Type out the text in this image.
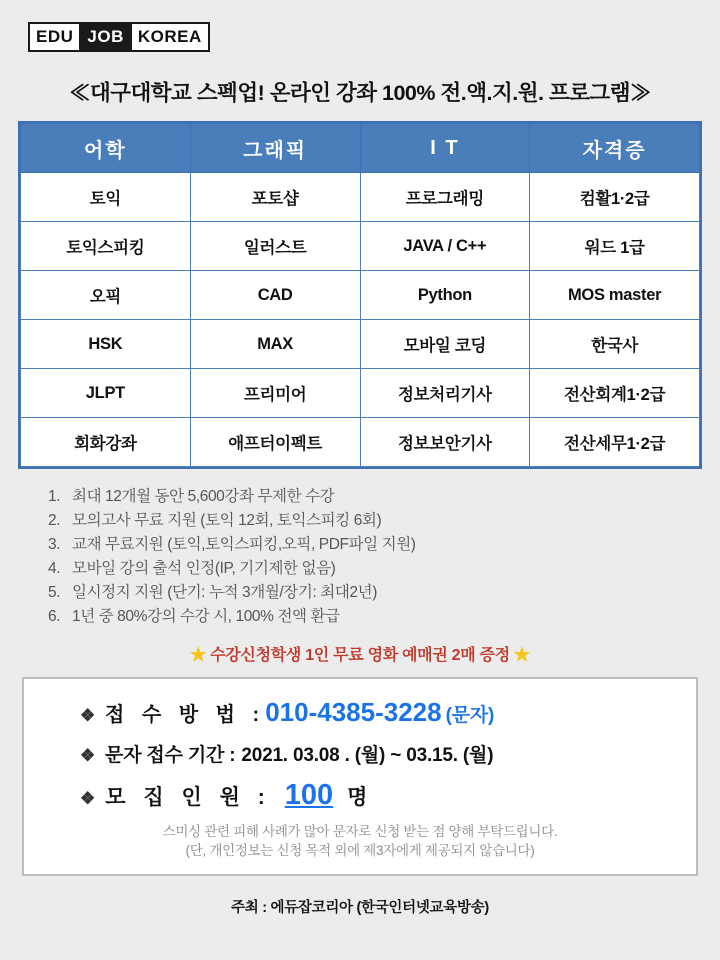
EDU JOB KOREA
≪대구대학교 스펙업! 온라인 강좌 100% 전.액.지.원. 프로그램≫
어학	그래픽	I T	자격증
토익	포토샵	프로그래밍	컴활1·2급
토익스피킹	일러스트	JAVA / C++	워드 1급
오픽	CAD	Python	MOS master
HSK	MAX	모바일 코딩	한국사
JLPT	프리미어	정보처리기사	전산회계1·2급
회화강좌	애프터이펙트	정보보안기사	전산세무1·2급
1. 최대 12개월 동안 5,600강좌 무제한 수강
2. 모의고사 무료 지원 (토익 12회, 토익스피킹 6회)
3. 교재 무료지원 (토익,토익스피킹,오픽, PDF파일 지원)
4. 모바일 강의 출석 인정(IP, 기기제한 없음)
5. 일시정지 지원 (단기: 누적 3개월/장기: 최대2년)
6. 1년 중 80%강의 수강 시, 100% 전액 환급
★ 수강신청학생 1인 무료 영화 예매권 2매 증정 ★
❖ 접 수 방 법 : 010-4385-3228 (문자)
❖ 문자 접수 기간 : 2021. 03.08 . (월) ~ 03.15. (월)
❖ 모 집 인 원 : 100 명
스미싱 관련 피해 사례가 많아 문자로 신청 받는 점 양해 부탁드립니다.
(단, 개인정보는 신청 목적 외에 제3자에게 제공되지 않습니다)
주최 : 에듀잡코리아 (한국인터넷교육방송)
